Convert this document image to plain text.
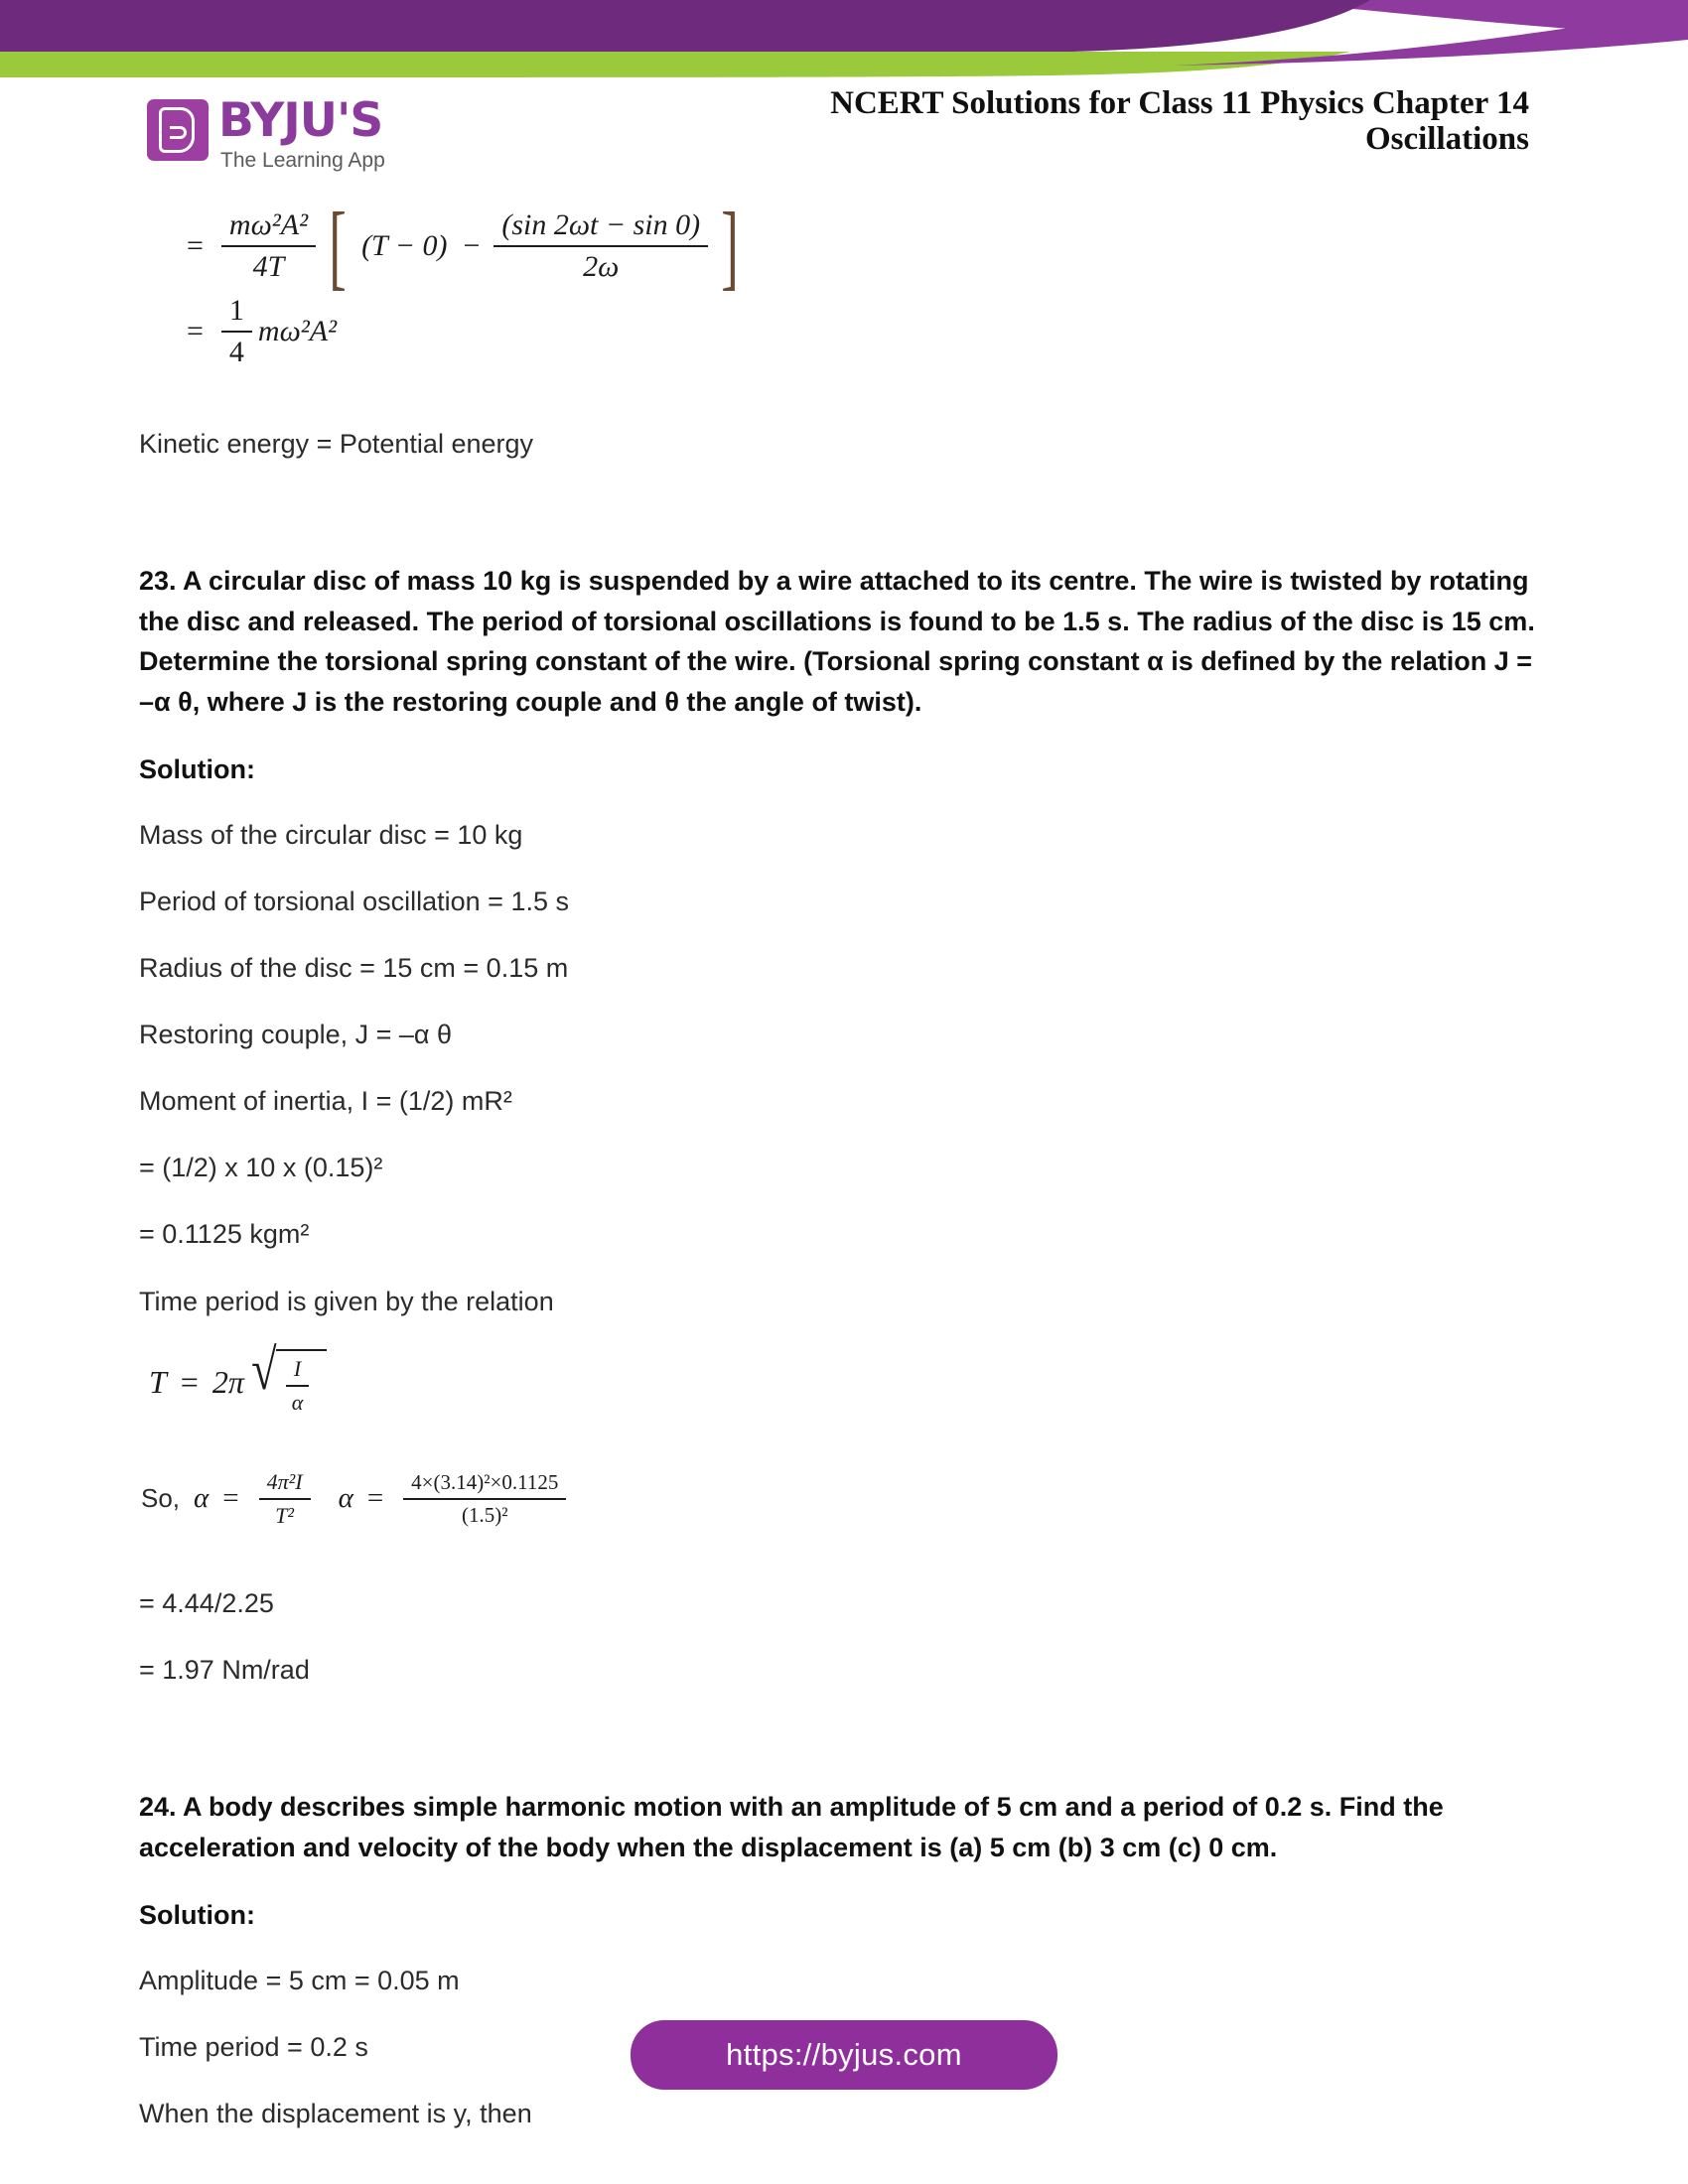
BYJU'S
The Learning App
NCERT Solutions for Class 11 Physics Chapter 14
Oscillations
= $\frac{\text{mω²A²}}{4T}$ [ $(T - 0) - \frac{(\sin 2\omega t - \sin 0)}{2\omega}$ ]
= $\frac{1}{4} m\omega^2A^2$

Kinetic energy = Potential energy

23. A circular disc of mass 10 kg is suspended by a wire attached to its centre. The wire is twisted by rotating the disc and released. The period of torsional oscillations is found to be 1.5 s. The radius of the disc is 15 cm. Determine the torsional spring constant of the wire. (Torsional spring constant α is defined by the relation J = –α θ, where J is the restoring couple and θ the angle of twist).

Solution:

Mass of the circular disc = 10 kg

Period of torsional oscillation = 1.5 s

Radius of the disc = 15 cm = 0.15 m

Restoring couple, J = –α θ

Moment of inertia, I = (1/2) mR²

= (1/2) x 10 x (0.15)²

= 0.1125 kgm²

Time period is given by the relation

T = 2π √ $\frac{I}{\alpha}$
So, $\alpha = \frac{\text{4π²I}}{\text{T²}}$ $\alpha = \frac{\text{4×(3.14)²×0.1125}}{\text{(1.5)²}}$

= 4.44/2.25

= 1.97 Nm/rad

24. A body describes simple harmonic motion with an amplitude of 5 cm and a period of 0.2 s. Find the acceleration and velocity of the body when the displacement is (a) 5 cm (b) 3 cm (c) 0 cm.

Solution:

Amplitude = 5 cm = 0.05 m

Time period = 0.2 s

When the displacement is y, then

https://byjus.com
